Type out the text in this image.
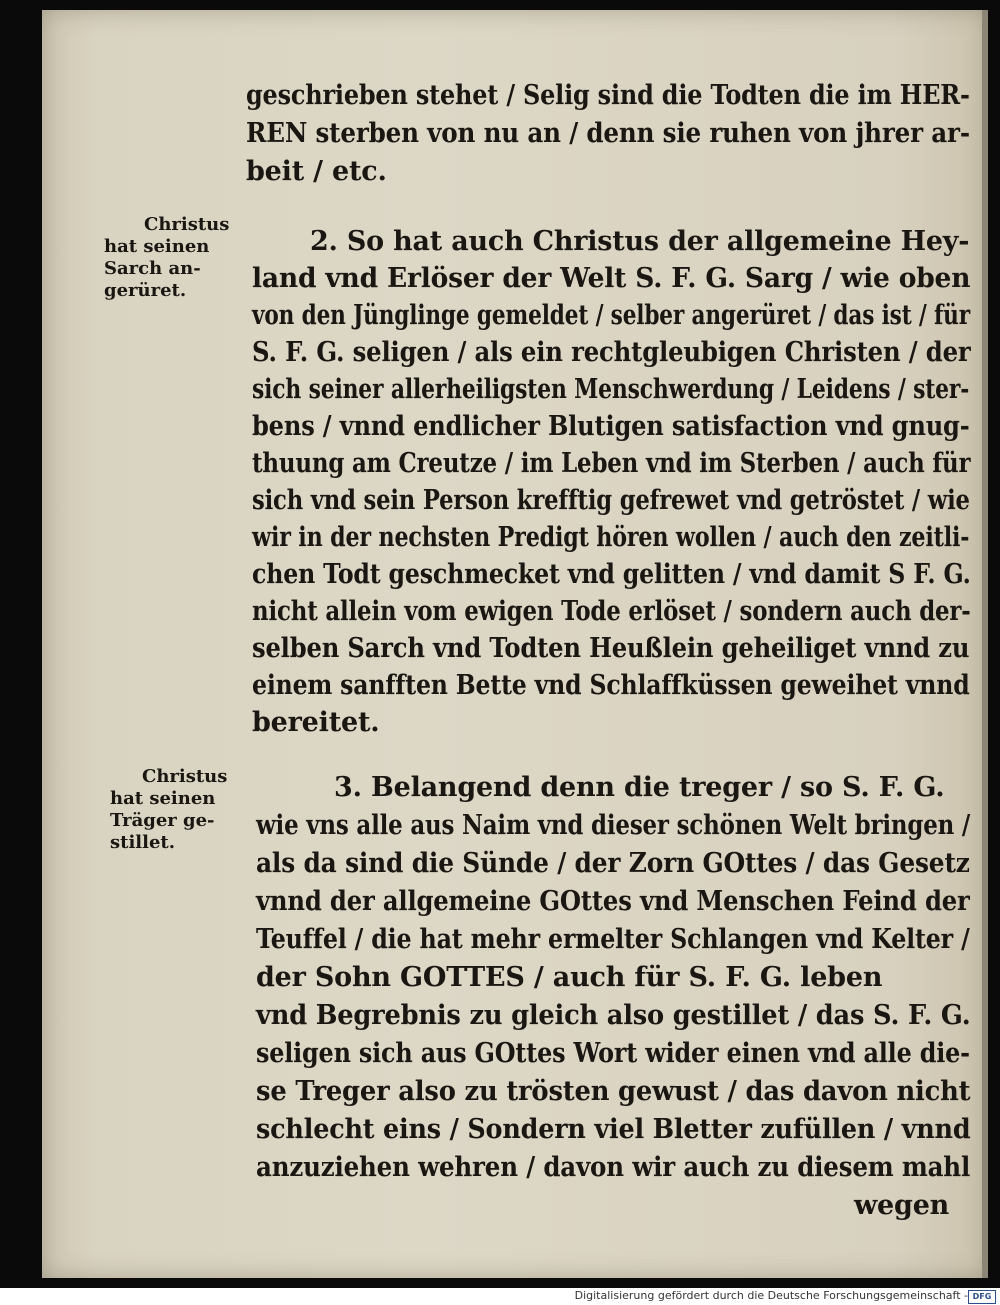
geschrieben stehet / Selig sind die Todten die im HER-
REN sterben von nu an / denn sie ruhen von jhrer ar-
beit / etc.
2. So hat auch Christus der allgemeine Hey-
land vnd Erlöser der Welt S. F. G. Sarg / wie oben
von den Jünglinge gemeldet / selber angerüret / das ist / für
S. F. G. seligen / als ein rechtgleubigen Christen / der
sich seiner allerheiligsten Menschwerdung / Leidens / ster-
bens / vnnd endlicher Blutigen satisfaction vnd gnug-
thuung am Creutze / im Leben vnd im Sterben / auch für
sich vnd sein Person krefftig gefrewet vnd getröstet / wie
wir in der nechsten Predigt hören wollen / auch den zeitli-
chen Todt geschmecket vnd gelitten / vnd damit S F. G.
nicht allein vom ewigen Tode erlöset / sondern auch der-
selben Sarch vnd Todten Heußlein geheiliget vnnd zu
einem sanfften Bette vnd Schlaffküssen geweihet vnnd
bereitet.
3. Belangend denn die treger / so S. F. G.
wie vns alle aus Naim vnd dieser schönen Welt bringen /
als da sind die Sünde / der Zorn GOttes / das Gesetz
vnnd der allgemeine GOttes vnd Menschen Feind der
Teuffel / die hat mehr ermelter Schlangen vnd Kelter /
der Sohn GOTTES / auch für S. F. G. leben
vnd Begrebnis zu gleich also gestillet / das S. F. G.
seligen sich aus GOttes Wort wider einen vnd alle die-
se Treger also zu trösten gewust / das davon nicht
schlecht eins / Sondern viel Bletter zufüllen / vnnd
anzuziehen wehren / davon wir auch zu diesem mahl
wegen
Christus
hat seinen
Sarch an-
gerüret.
Christus
hat seinen
Träger ge-
stillet.
Digitalisierung gefördert durch die Deutsche Forschungsgemeinschaft - DFG
